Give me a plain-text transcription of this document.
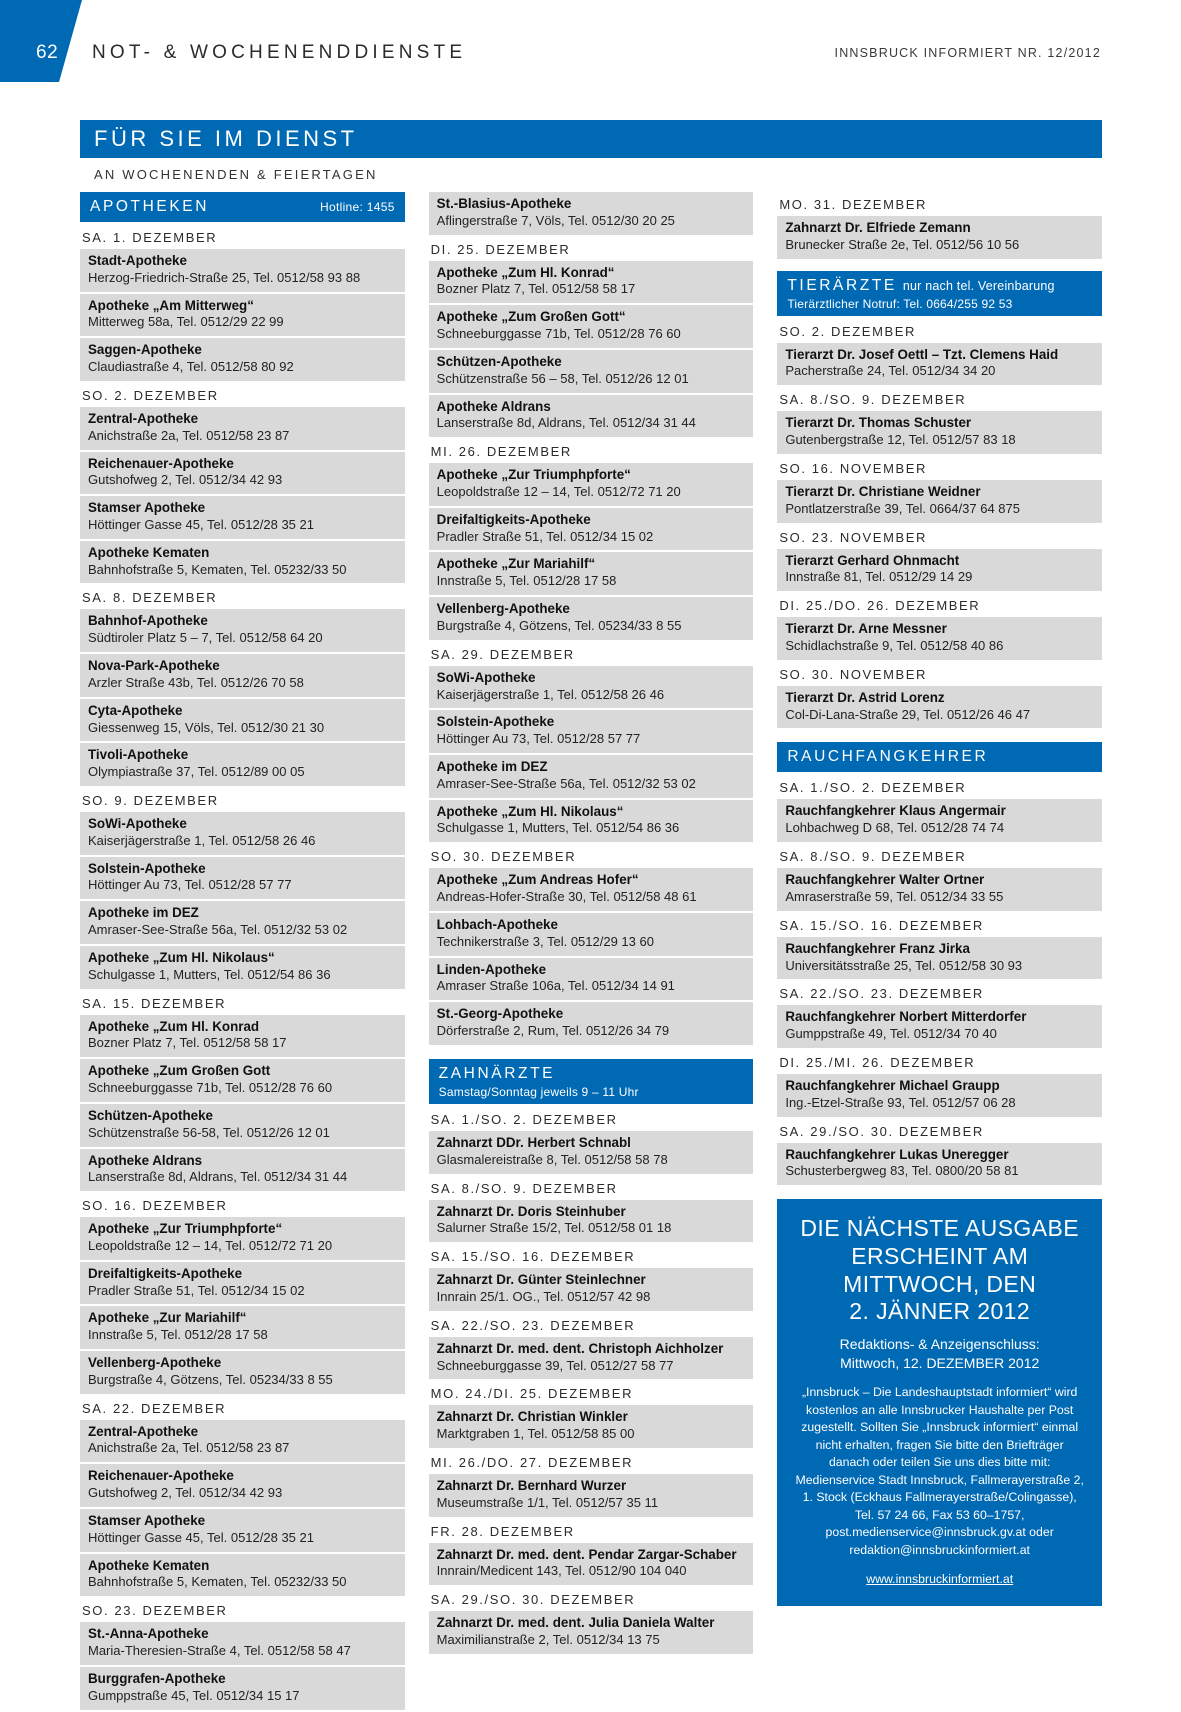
62 NOT- & WOCHENENDDIENSTE	INNSBRUCK INFORMIERT NR. 12/2012
FÜR SIE IM DIENST
AN WOCHENENDEN & FEIERTAGEN
APOTHEKEN	Hotline: 1455
SA. 1. DEZEMBER
Stadt-Apotheke
Herzog-Friedrich-Straße 25, Tel. 0512/58 93 88
Apotheke „Am Mitterweg“
Mitterweg 58a, Tel. 0512/29 22 99
Saggen-Apotheke
Claudiastraße 4, Tel. 0512/58 80 92
SO. 2. DEZEMBER
Zentral-Apotheke
Anichstraße 2a, Tel. 0512/58 23 87
Reichenauer-Apotheke
Gutshofweg 2, Tel. 0512/34 42 93
Stamser Apotheke
Höttinger Gasse 45, Tel. 0512/28 35 21
Apotheke Kematen
Bahnhofstraße 5, Kematen, Tel. 05232/33 50
SA. 8. DEZEMBER
Bahnhof-Apotheke
Südtiroler Platz 5 – 7, Tel. 0512/58 64 20
Nova-Park-Apotheke
Arzler Straße 43b, Tel. 0512/26 70 58
Cyta-Apotheke
Giessenweg 15, Völs, Tel. 0512/30 21 30
Tivoli-Apotheke
Olympiastraße 37, Tel. 0512/89 00 05
SO. 9. DEZEMBER
SoWi-Apotheke
Kaiserjägerstraße 1, Tel. 0512/58 26 46
Solstein-Apotheke
Höttinger Au 73, Tel. 0512/28 57 77
Apotheke im DEZ
Amraser-See-Straße 56a, Tel. 0512/32 53 02
Apotheke „Zum Hl. Nikolaus“
Schulgasse 1, Mutters, Tel. 0512/54 86 36
SA. 15. DEZEMBER
Apotheke „Zum Hl. Konrad
Bozner Platz 7, Tel. 0512/58 58 17
Apotheke „Zum Großen Gott
Schneeburggasse 71b, Tel. 0512/28 76 60
Schützen-Apotheke
Schützenstraße 56-58, Tel. 0512/26 12 01
Apotheke Aldrans
Lanserstraße 8d, Aldrans, Tel. 0512/34 31 44
SO. 16. DEZEMBER
Apotheke „Zur Triumphpforte“
Leopoldstraße 12 – 14, Tel. 0512/72 71 20
Dreifaltigkeits-Apotheke
Pradler Straße 51, Tel. 0512/34 15 02
Apotheke „Zur Mariahilf“
Innstraße 5, Tel. 0512/28 17 58
Vellenberg-Apotheke
Burgstraße 4, Götzens, Tel. 05234/33 8 55
SA. 22. DEZEMBER
Zentral-Apotheke
Anichstraße 2a, Tel. 0512/58 23 87
Reichenauer-Apotheke
Gutshofweg 2, Tel. 0512/34 42 93
Stamser Apotheke
Höttinger Gasse 45, Tel. 0512/28 35 21
Apotheke Kematen
Bahnhofstraße 5, Kematen, Tel. 05232/33 50
SO. 23. DEZEMBER
St.-Anna-Apotheke
Maria-Theresien-Straße 4, Tel. 0512/58 58 47
Burggrafen-Apotheke
Gumppstraße 45, Tel. 0512/34 15 17
St.-Blasius-Apotheke
Aflingerstraße 7, Völs, Tel. 0512/30 20 25
DI. 25. DEZEMBER
Apotheke „Zum Hl. Konrad“
Bozner Platz 7, Tel. 0512/58 58 17
Apotheke „Zum Großen Gott“
Schneeburggasse 71b, Tel. 0512/28 76 60
Schützen-Apotheke
Schützenstraße 56 – 58, Tel. 0512/26 12 01
Apotheke Aldrans
Lanserstraße 8d, Aldrans, Tel. 0512/34 31 44
MI. 26. DEZEMBER
Apotheke „Zur Triumphpforte“
Leopoldstraße 12 – 14, Tel. 0512/72 71 20
Dreifaltigkeits-Apotheke
Pradler Straße 51, Tel. 0512/34 15 02
Apotheke „Zur Mariahilf“
Innstraße 5, Tel. 0512/28 17 58
Vellenberg-Apotheke
Burgstraße 4, Götzens, Tel. 05234/33 8 55
SA. 29. DEZEMBER
SoWi-Apotheke
Kaiserjägerstraße 1, Tel. 0512/58 26 46
Solstein-Apotheke
Höttinger Au 73, Tel. 0512/28 57 77
Apotheke im DEZ
Amraser-See-Straße 56a, Tel. 0512/32 53 02
Apotheke „Zum Hl. Nikolaus“
Schulgasse 1, Mutters, Tel. 0512/54 86 36
SO. 30. DEZEMBER
Apotheke „Zum Andreas Hofer“
Andreas-Hofer-Straße 30, Tel. 0512/58 48 61
Lohbach-Apotheke
Technikerstraße 3, Tel. 0512/29 13 60
Linden-Apotheke
Amraser Straße 106a, Tel. 0512/34 14 91
St.-Georg-Apotheke
Dörferstraße 2, Rum, Tel. 0512/26 34 79
ZAHNÄRZTE
Samstag/Sonntag jeweils 9 – 11 Uhr
SA. 1./SO. 2. DEZEMBER
Zahnarzt DDr. Herbert Schnabl
Glasmalereistraße 8, Tel. 0512/58 58 78
SA. 8./SO. 9. DEZEMBER
Zahnarzt Dr. Doris Steinhuber
Salurner Straße 15/2, Tel. 0512/58 01 18
SA. 15./SO. 16. DEZEMBER
Zahnarzt Dr. Günter Steinlechner
Innrain 25/1. OG., Tel. 0512/57 42 98
SA. 22./SO. 23. DEZEMBER
Zahnarzt Dr. med. dent. Christoph Aichholzer
Schneeburggasse 39, Tel. 0512/27 58 77
MO. 24./DI. 25. DEZEMBER
Zahnarzt Dr. Christian Winkler
Marktgraben 1, Tel. 0512/58 85 00
MI. 26./DO. 27. DEZEMBER
Zahnarzt Dr. Bernhard Wurzer
Museumstraße 1/1, Tel. 0512/57 35 11
FR. 28. DEZEMBER
Zahnarzt Dr. med. dent. Pendar Zargar-Schaber
Innrain/Medicent 143, Tel. 0512/90 104 040
SA. 29./SO. 30. DEZEMBER
Zahnarzt Dr. med. dent. Julia Daniela Walter
Maximilianstraße 2, Tel. 0512/34 13 75
MO. 31. DEZEMBER
Zahnarzt Dr. Elfriede Zemann
Brunecker Straße 2e, Tel. 0512/56 10 56
TIERÄRZTE nur nach tel. Vereinbarung
Tierärztlicher Notruf: Tel. 0664/255 92 53
SO. 2. DEZEMBER
Tierarzt Dr. Josef Oettl – Tzt. Clemens Haid
Pacherstraße 24, Tel. 0512/34 34 20
SA. 8./SO. 9. DEZEMBER
Tierarzt Dr. Thomas Schuster
Gutenbergstraße 12, Tel. 0512/57 83 18
SO. 16. NOVEMBER
Tierarzt Dr. Christiane Weidner
Pontlatzerstraße 39, Tel. 0664/37 64 875
SO. 23. NOVEMBER
Tierarzt Gerhard Ohnmacht
Innstraße 81, Tel. 0512/29 14 29
DI. 25./DO. 26. DEZEMBER
Tierarzt Dr. Arne Messner
Schidlachstraße 9, Tel. 0512/58 40 86
SO. 30. NOVEMBER
Tierarzt Dr. Astrid Lorenz
Col-Di-Lana-Straße 29, Tel. 0512/26 46 47
RAUCHFANGKEHRER
SA. 1./SO. 2. DEZEMBER
Rauchfangkehrer Klaus Angermair
Lohbachweg D 68, Tel. 0512/28 74 74
SA. 8./SO. 9. DEZEMBER
Rauchfangkehrer Walter Ortner
Amraserstraße 59, Tel. 0512/34 33 55
SA. 15./SO. 16. DEZEMBER
Rauchfangkehrer Franz Jirka
Universitätsstraße 25, Tel. 0512/58 30 93
SA. 22./SO. 23. DEZEMBER
Rauchfangkehrer Norbert Mitterdorfer
Gumppstraße 49, Tel. 0512/34 70 40
DI. 25./MI. 26. DEZEMBER
Rauchfangkehrer Michael Graupp
Ing.-Etzel-Straße 93, Tel. 0512/57 06 28
SA. 29./SO. 30. DEZEMBER
Rauchfangkehrer Lukas Uneregger
Schusterbergweg 83, Tel. 0800/20 58 81
DIE NÄCHSTE AUSGABE
ERSCHEINT AM
MITTWOCH, DEN
2. JÄNNER 2012
Redaktions- & Anzeigenschluss:
Mittwoch, 12. DEZEMBER 2012
„Innsbruck – Die Landeshauptstadt informiert“ wird kostenlos an alle Innsbrucker Haushalte per Post zugestellt. Sollten Sie „Innsbruck informiert“ einmal nicht erhalten, fragen Sie bitte den Briefträger danach oder teilen Sie uns dies bitte mit: Medienservice Stadt Innsbruck, Fallmerayerstraße 2, 1. Stock (Eckhaus Fallmerayerstraße/Colingasse), Tel. 57 24 66, Fax 53 60–1757, post.medienservice@innsbruck.gv.at oder redaktion@innsbruckinformiert.at
www.innsbruckinformiert.at
